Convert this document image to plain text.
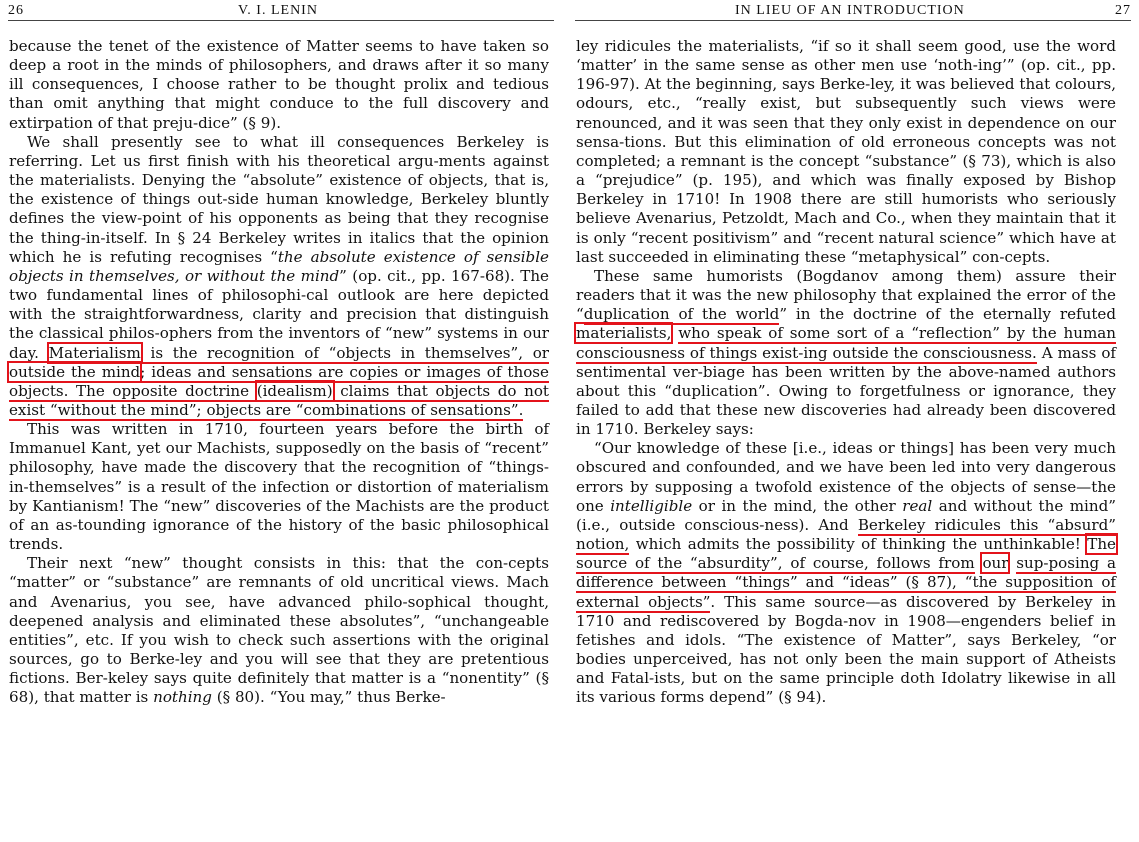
26	V. I. LENIN

because the tenet of the existence of Matter seems to have taken so deep a root in the minds of philosophers, and draws after it so many ill consequences, I choose rather to be thought prolix and tedious than omit anything that might conduce to the full discovery and extirpation of that preju-dice” (§ 9).

We shall presently see to what ill consequences Berkeley is referring. Let us first finish with his theoretical argu-ments against the materialists. Denying the “absolute” existence of objects, that is, the existence of things out-side human knowledge, Berkeley bluntly defines the view-point of his opponents as being that they recognise the thing-in-itself. In § 24 Berkeley writes in italics that the opinion which he is refuting recognises “the absolute existence of sensible objects in themselves, or without the mind” (op. cit., pp. 167-68). The two fundamental lines of philosophi-cal outlook are here depicted with the straightforwardness, clarity and precision that distinguish the classical philos-ophers from the inventors of “new” systems in our day. Materialism is the recognition of “objects in themselves”, or outside the mind; ideas and sensations are copies or images of those objects. The opposite doctrine (idealism) claims that objects do not exist “without the mind”; objects are “combinations of sensations”.

This was written in 1710, fourteen years before the birth of Immanuel Kant, yet our Machists, supposedly on the basis of “recent” philosophy, have made the discovery that the recognition of “things-in-themselves” is a result of the infection or distortion of materialism by Kantianism! The “new” discoveries of the Machists are the product of an as-tounding ignorance of the history of the basic philosophical trends.

Their next “new” thought consists in this: that the con-cepts “matter” or “substance” are remnants of old uncritical views. Mach and Avenarius, you see, have advanced philo-sophical thought, deepened analysis and eliminated these absolutes”, “unchangeable entities”, etc. If you wish to check such assertions with the original sources, go to Berke-ley and you will see that they are pretentious fictions. Ber-keley says quite definitely that matter is a “nonentity” (§ 68), that matter is nothing (§ 80). “You may,” thus Berke-

IN LIEU OF AN INTRODUCTION	27

ley ridicules the materialists, “if so it shall seem good, use the word ‘matter’ in the same sense as other men use ‘noth-ing’” (op. cit., pp. 196-97). At the beginning, says Berke-ley, it was believed that colours, odours, etc., “really exist, but subsequently such views were renounced, and it was seen that they only exist in dependence on our sensa-tions. But this elimination of old erroneous concepts was not completed; a remnant is the concept “substance” (§ 73), which is also a “prejudice” (p. 195), and which was finally exposed by Bishop Berkeley in 1710! In 1908 there are still humorists who seriously believe Avenarius, Petzoldt, Mach and Co., when they maintain that it is only “recent positivism” and “recent natural science” which have at last succeeded in eliminating these “metaphysical” con-cepts.

These same humorists (Bogdanov among them) assure their readers that it was the new philosophy that explained the error of the “duplication of the world” in the doctrine of the eternally refuted materialists, who speak of some sort of a “reflection” by the human consciousness of things exist-ing outside the consciousness. A mass of sentimental ver-biage has been written by the above-named authors about this “duplication”. Owing to forgetfulness or ignorance, they failed to add that these new discoveries had already been discovered in 1710. Berkeley says:

“Our knowledge of these [i.e., ideas or things] has been very much obscured and confounded, and we have been led into very dangerous errors by supposing a twofold existence of the objects of sense—the one intelligible or in the mind, the other real and without the mind” (i.e., outside conscious-ness). And Berkeley ridicules this “absurd” notion, which admits the possibility of thinking the unthinkable! The source of the “absurdity”, of course, follows from our sup-posing a difference between “things” and “ideas” (§ 87), “the supposition of external objects”. This same source—as discovered by Berkeley in 1710 and rediscovered by Bogda-nov in 1908—engenders belief in fetishes and idols. “The existence of Matter”, says Berkeley, “or bodies unperceived, has not only been the main support of Atheists and Fatal-ists, but on the same principle doth Idolatry likewise in all its various forms depend” (§ 94).
